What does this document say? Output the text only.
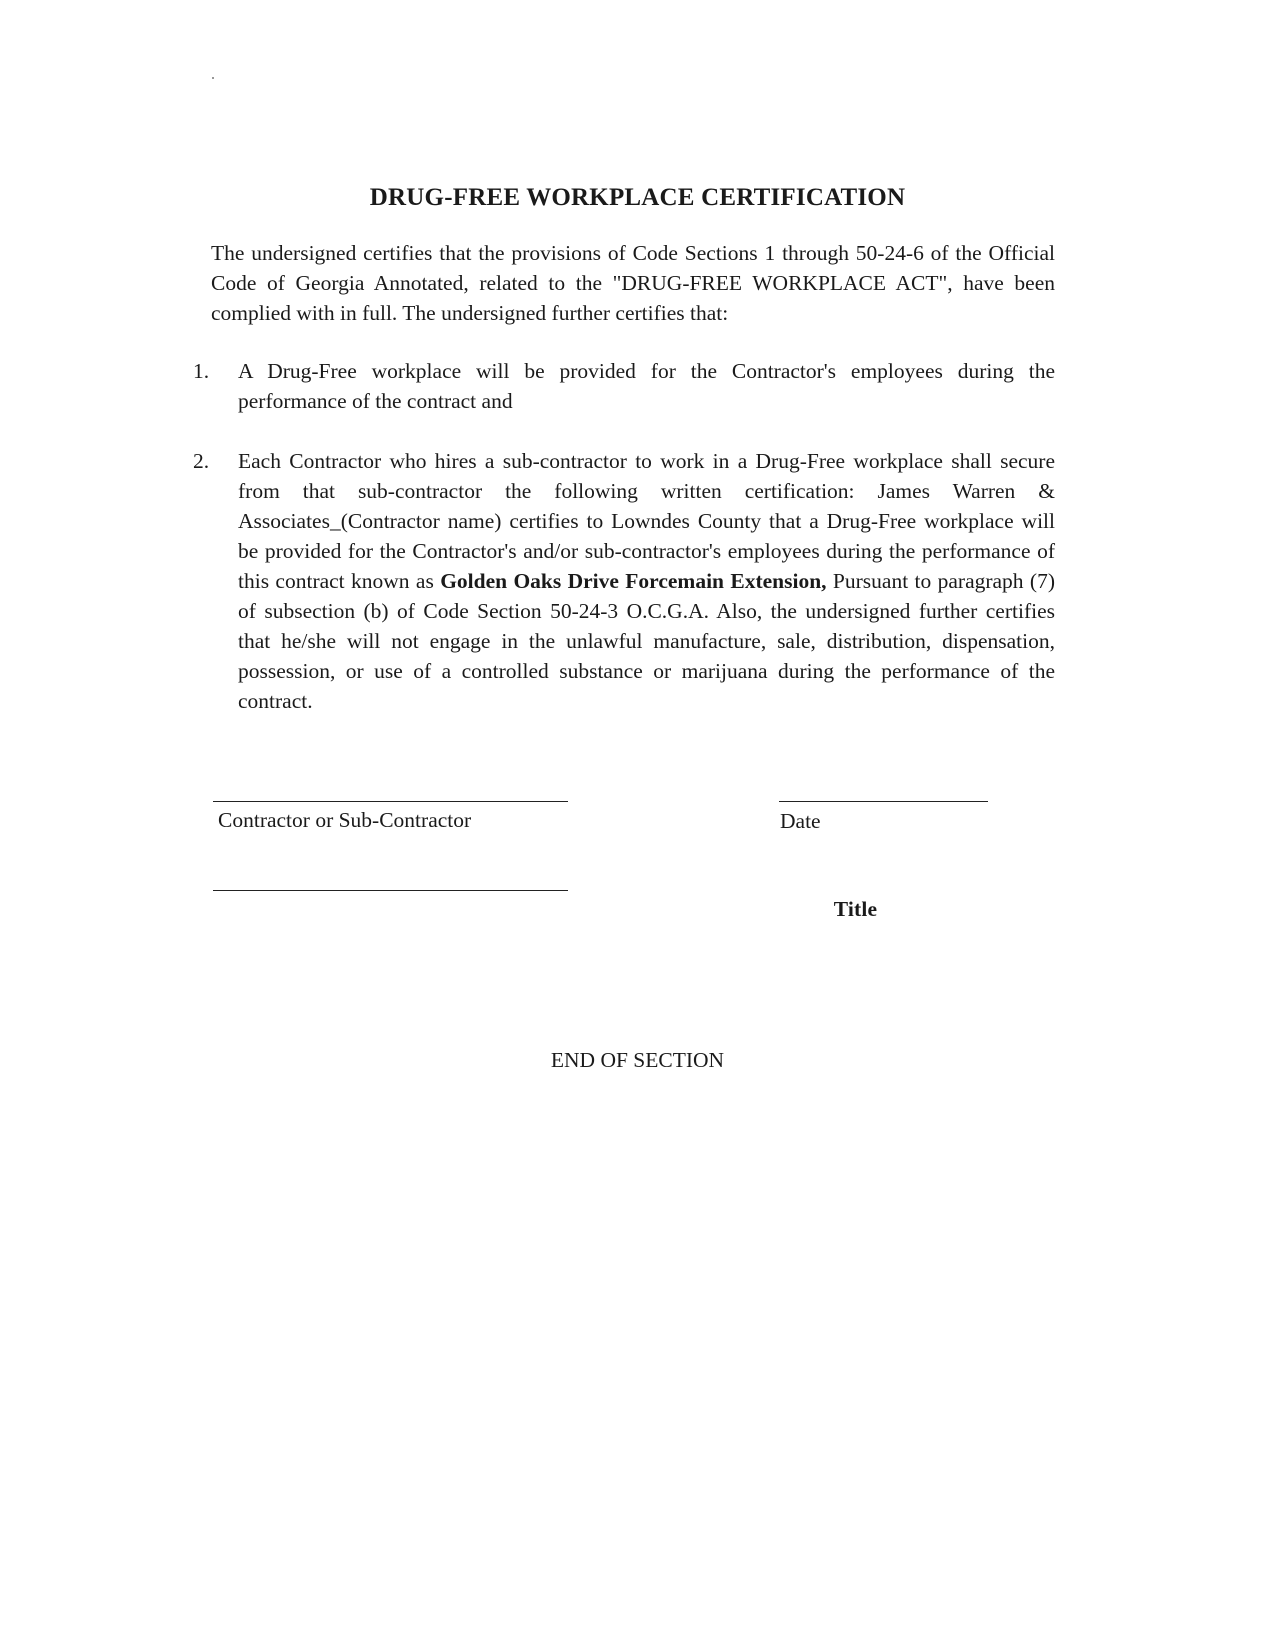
DRUG-FREE WORKPLACE CERTIFICATION
The undersigned certifies that the provisions of Code Sections 1 through 50-24-6 of the Official Code of Georgia Annotated, related to the "DRUG-FREE WORKPLACE ACT", have been complied with in full. The undersigned further certifies that:
1.	A Drug-Free workplace will be provided for the Contractor's employees during the performance of the contract and
2.	Each Contractor who hires a sub-contractor to work in a Drug-Free workplace shall secure from that sub-contractor the following written certification: James Warren & Associates_(Contractor name) certifies to Lowndes County that a Drug-Free workplace will be provided for the Contractor's and/or sub-contractor's employees during the performance of this contract known as Golden Oaks Drive Forcemain Extension, Pursuant to paragraph (7) of subsection (b) of Code Section 50-24-3 O.C.G.A. Also, the undersigned further certifies that he/she will not engage in the unlawful manufacture, sale, distribution, dispensation, possession, or use of a controlled substance or marijuana during the performance of the contract.
Contractor or Sub-Contractor	Date
Title
END OF SECTION
